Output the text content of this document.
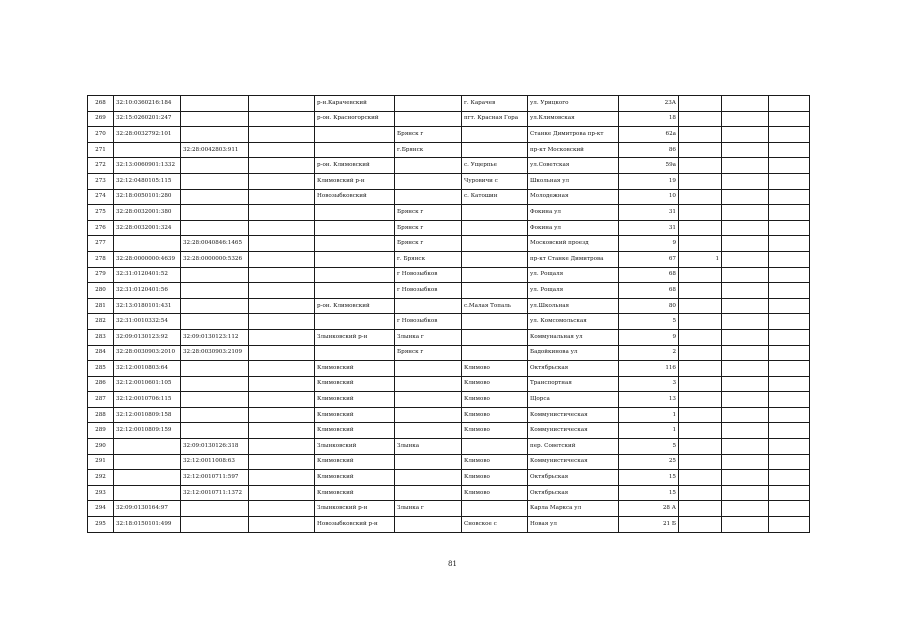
268	32:10:0360216:184			р-н.Карачевский		г. Карачев	ул. Урицкого	23А			
269	32:15:0260201:247			р-он. Красногорский		пгт. Красная Гора	ул.Климовская	18			
270	32:28:0032792:101				Брянск г		Станке Димитрова пр-кт	62а			
271		32:28:0042803:911			г.Брянск		пр-кт Московский	86			
272	32:13:0060901:1332			р-он. Климовский		с. Ущерпье	ул.Советская	59а			
273	32:12:0480105:115			Климовский р-н		Чуровичи с	Школьная ул	19			
274	32:18:0050101:280			Новозыбковский		с. Катошин	Молодежная	10			
275	32:28:0032001:380				Брянск г		Фокина ул	31			
276	32:28:0032001:324				Брянск г		Фокина ул	31			
277		32:28:0040846:1465			Брянск г		Московский проезд	9			
278	32:28:0000000:4639	32:28:0000000:5326			г. Брянск		пр-кт Станке Димитрова	67	1		
279	32:31:0120401:52				г Новозыбков		ул. Рощаля	68			
280	32:31:0120401:56				г Новозыбков		ул. Рощаля	68			
281	32:13:0180101:431			р-он. Климовский		с.Малая Топаль	ул.Школьная	80			
282	32:31:0010332:54				г Новозыбков		ул. Комсомольская	5			
283	32:09:0130123:92	32:09:0130123:112		Злынковский р-н	Злынка г		Коммунальная ул	9			
284	32:28:0030903:2010	32:28:0030903:2109			Брянск г		Бадойкинова ул	2			
285	32:12:0010803:64			Климовский		Климово	Октябрьская	116			
286	32:12:0010601:105			Климовский		Климово	Транспортная	3			
287	32:12:0010706:115			Климовский		Климово	Щорса	13			
288	32:12:0010809:158			Климовский		Климово	Коммунистическая	1			
289	32:12:0010809:159			Климовский		Климово	Коммунистическая	1			
290		32:09:0130126:318		Злынковский	Злынка		пер. Советский	5			
291		32:12:0011008:63		Климовский		Климово	Коммунистическая	25			
292		32:12:0010711:597		Климовский		Климово	Октябрьская	15			
293		32:12:0010711:1372		Климовский		Климово	Октябрьская	15			
294	32:09:0130164:97			Злынковский р-н	Злынка г		Карла Маркса ул	28 А			
295	32:18:0150101:499			Новозыбковский р-н		Сновское с	Новая ул	21 Б			
81
